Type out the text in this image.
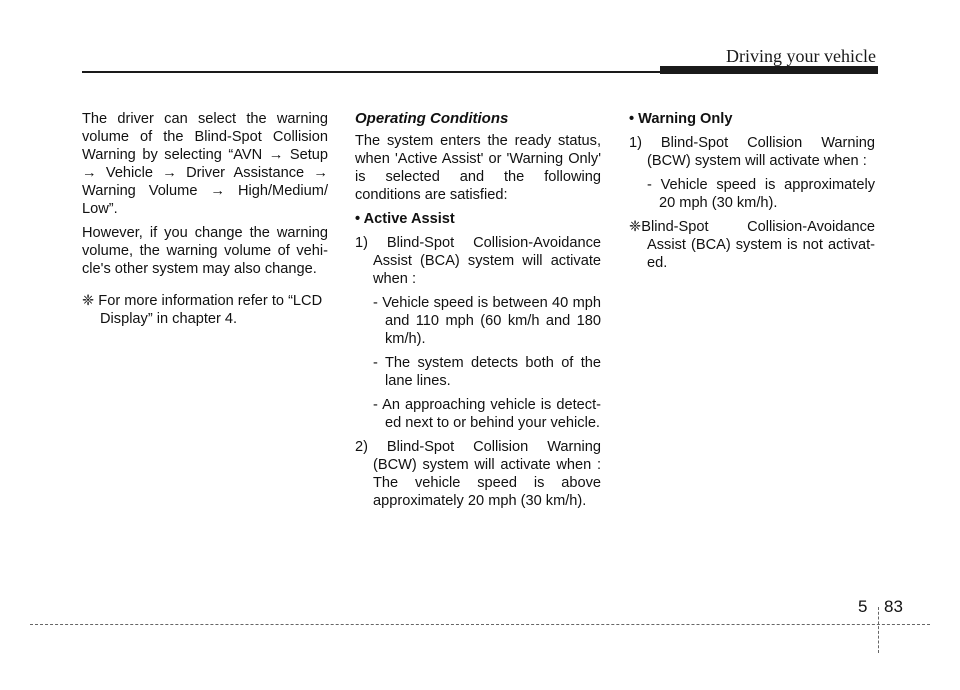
Driving your vehicle

The driver can select the warning volume of the Blind-Spot Collision Warning by selecting “AVN → Setup → Vehicle → Driver Assistance → Warning Volume → High/Medium/ Low”.

However, if you change the warning volume, the warning volume of vehi-cle's other system may also change.

❈ For more information refer to “LCD Display” in chapter 4.

Operating Conditions

The system enters the ready status, when 'Active Assist' or 'Warning Only' is selected and the following conditions are satisfied:

• Active Assist

1) Blind-Spot Collision-Avoidance Assist (BCA) system will activate when :

- Vehicle speed is between 40 mph and 110 mph (60 km/h and 180 km/h).

- The system detects both of the lane lines.

- An approaching vehicle is detect-ed next to or behind your vehicle.

2) Blind-Spot Collision Warning (BCW) system will activate when : The vehicle speed is above approximately 20 mph (30 km/h).

• Warning Only

1) Blind-Spot Collision Warning (BCW) system will activate when :

- Vehicle speed is approximately 20 mph (30 km/h).

❈Blind-Spot Collision-Avoidance Assist (BCA) system is not activat-ed.

5 83
